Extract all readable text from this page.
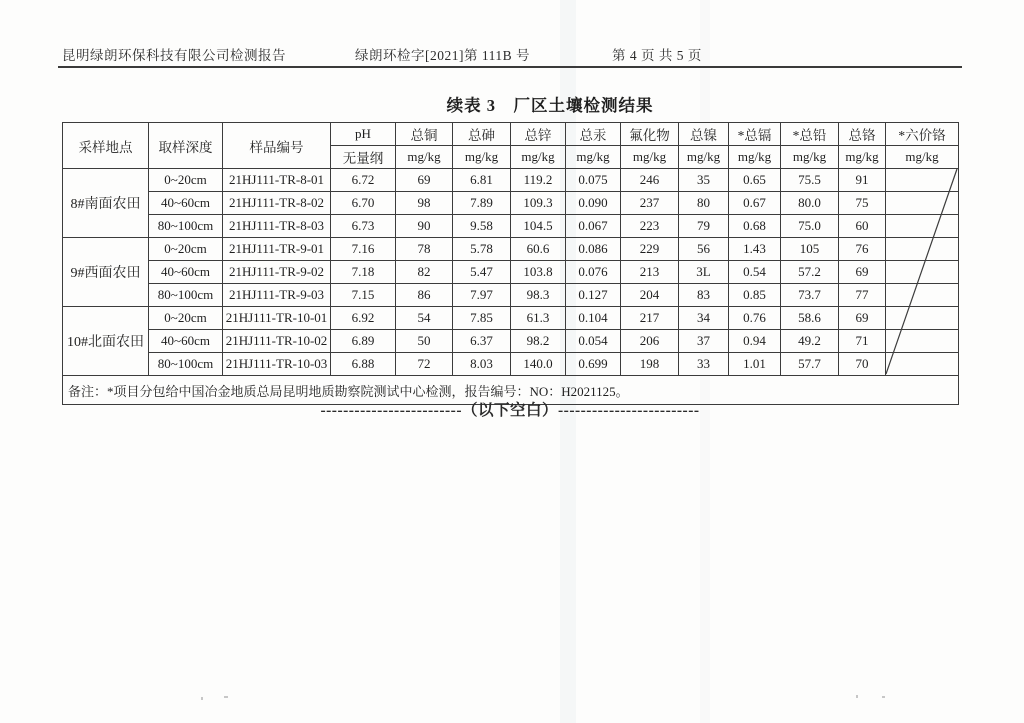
昆明绿朗环保科技有限公司检测报告	绿朗环检字[2021]第 111B 号	第 4 页 共 5 页
续表 3　厂区土壤检测结果
采样地点	取样深度	样品编号	pH	总铜	总砷	总锌	总汞	氟化物	总镍	*总镉	*总铅	总铬	*六价铬
			无量纲	mg/kg	mg/kg	mg/kg	mg/kg	mg/kg	mg/kg	mg/kg	mg/kg	mg/kg	mg/kg
8#南面农田	0~20cm	21HJ111-TR-8-01	6.72	69	6.81	119.2	0.075	246	35	0.65	75.5	91	
	40~60cm	21HJ111-TR-8-02	6.70	98	7.89	109.3	0.090	237	80	0.67	80.0	75	
	80~100cm	21HJ111-TR-8-03	6.73	90	9.58	104.5	0.067	223	79	0.68	75.0	60	
9#西面农田	0~20cm	21HJ111-TR-9-01	7.16	78	5.78	60.6	0.086	229	56	1.43	105	76	
	40~60cm	21HJ111-TR-9-02	7.18	82	5.47	103.8	0.076	213	3L	0.54	57.2	69	
	80~100cm	21HJ111-TR-9-03	7.15	86	7.97	98.3	0.127	204	83	0.85	73.7	77	
10#北面农田	0~20cm	21HJ111-TR-10-01	6.92	54	7.85	61.3	0.104	217	34	0.76	58.6	69	
	40~60cm	21HJ111-TR-10-02	6.89	50	6.37	98.2	0.054	206	37	0.94	49.2	71	
	80~100cm	21HJ111-TR-10-03	6.88	72	8.03	140.0	0.699	198	33	1.01	57.7	70	
备注：*项目分包给中国冶金地质总局昆明地质勘察院测试中心检测，报告编号：NO：H2021125。													
-------------------------（以下空白）-------------------------
